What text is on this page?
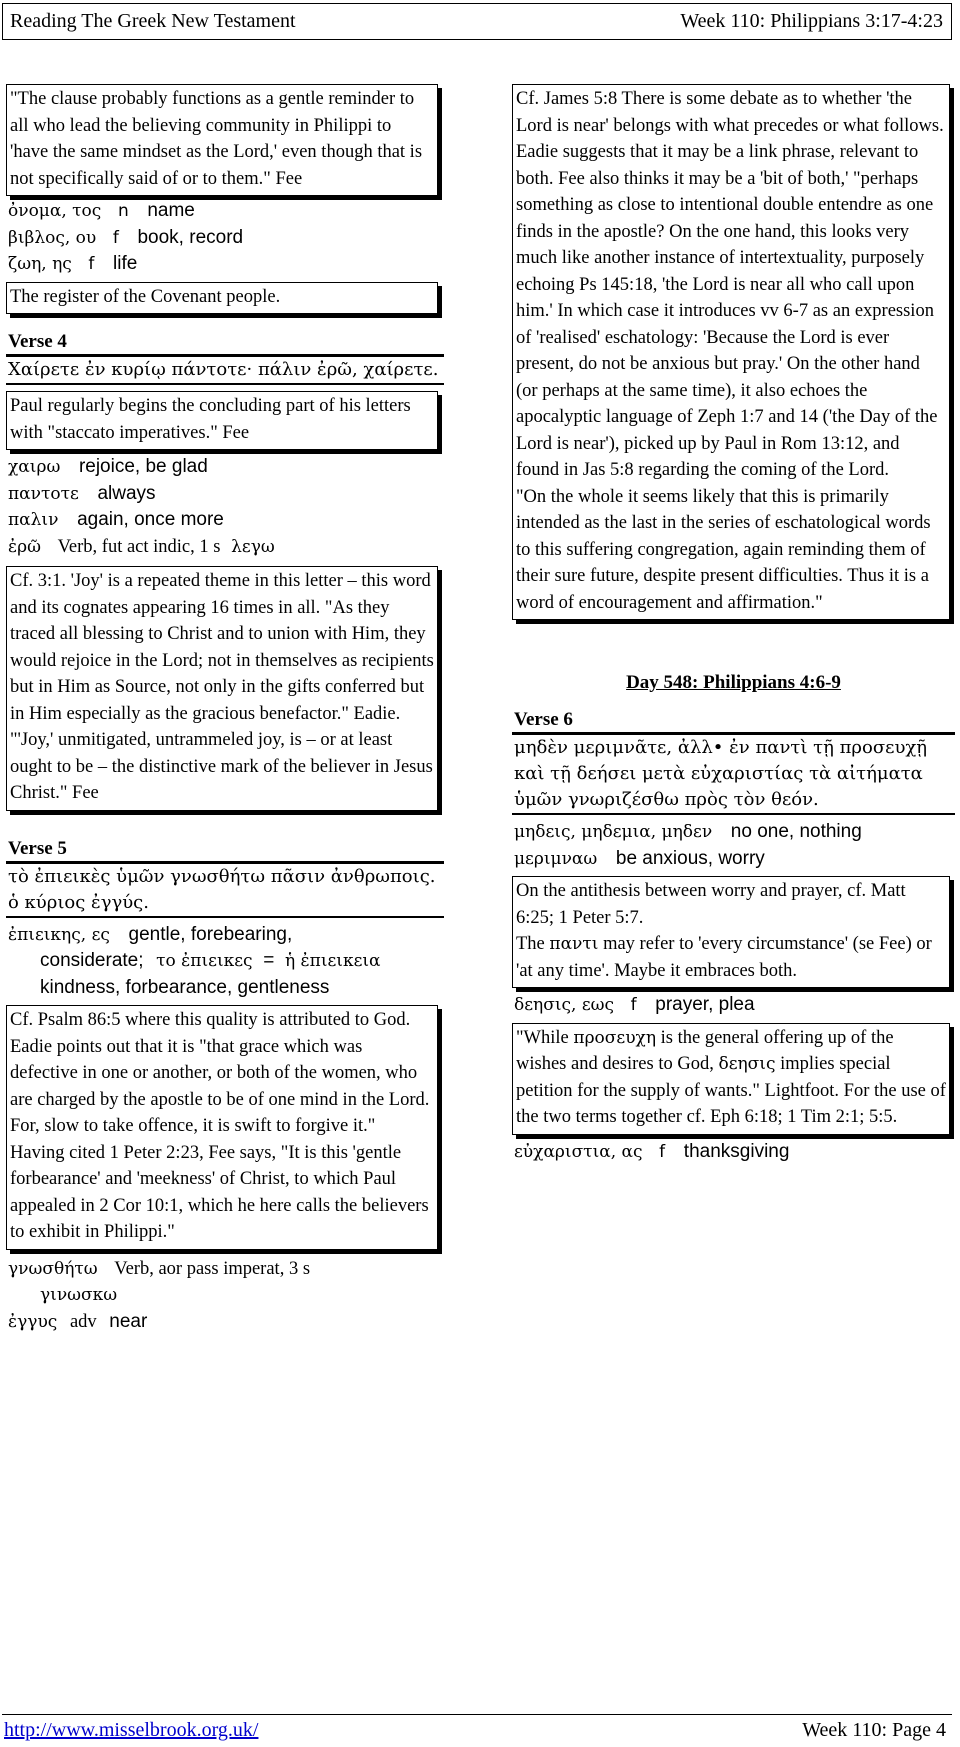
Reading The Greek New Testament	Week 110: Philippians 3:17-4:23

"The clause probably functions as a gentle reminder to all who lead the believing community in Philippi to 'have the same mindset as the Lord,' even though that is not specifically said of or to them." Fee

ὀνομα, τος n name
βιβλος, ου f book, record
ζωη, ης f life

The register of the Covenant people.

Verse 4
Χαίρετε ἐν κυρίῳ πάντοτε· πάλιν ἐρῶ, χαίρετε.

Paul regularly begins the concluding part of his letters with "staccato imperatives." Fee

χαιρω rejoice, be glad
παντοτε always
παλιν again, once more
ἐρῶ Verb, fut act indic, 1 s λεγω

Cf. 3:1. 'Joy' is a repeated theme in this letter – this word and its cognates appearing 16 times in all. "As they traced all blessing to Christ and to union with Him, they would rejoice in the Lord; not in themselves as recipients but in Him as Source, not only in the gifts conferred but in Him especially as the gracious benefactor." Eadie. "'Joy,' unmitigated, untrammeled joy, is – or at least ought to be – the distinctive mark of the believer in Jesus Christ." Fee

Verse 5
τὸ ἐπιεικὲς ὑμῶν γνωσθήτω πᾶσιν ἀνθρωποις. ὁ κύριος ἐγγύς.
ἐπιεικης, ες gentle, forebearing,
considerate; το ἐπιεικες = ἡ ἐπιεικεια
kindness, forbearance, gentleness

Cf. Psalm 86:5 where this quality is attributed to God. Eadie points out that it is "that grace which was defective in one or another, or both of the women, who are charged by the apostle to be of one mind in the Lord. For, slow to take offence, it is swift to forgive it."

Having cited 1 Peter 2:23, Fee says, "It is this 'gentle forbearance' and 'meekness' of Christ, to which Paul appealed in 2 Cor 10:1, which he here calls the believers to exhibit in Philippi."

γνωσθήτω Verb, aor pass imperat, 3 s
γινωσκω
ἐγγυς adv near

Cf. James 5:8 There is some debate as to whether 'the Lord is near' belongs with what precedes or what follows. Eadie suggests that it may be a link phrase, relevant to both. Fee also thinks it may be a 'bit of both,' "perhaps something as close to intentional double entendre as one finds in the apostle? On the one hand, this looks very much like another instance of intertextuality, purposely echoing Ps 145:18, 'the Lord is near all who call upon him.' In which case it introduces vv 6-7 as an expression of 'realised' eschatology: 'Because the Lord is ever present, do not be anxious but pray.' On the other hand (or perhaps at the same time), it also echoes the apocalyptic language of Zeph 1:7 and 14 ('the Day of the Lord is near'), picked up by Paul in Rom 13:12, and found in Jas 5:8 regarding the coming of the Lord.

"On the whole it seems likely that this is primarily intended as the last in the series of eschatological words to this suffering congregation, again reminding them of their sure future, despite present difficulties. Thus it is a word of encouragement and affirmation."

Day 548: Philippians 4:6-9
Verse 6
μηδὲν μεριμνᾶτε, ἀλλ• ἐν παντὶ τῇ προσευχῇ καὶ τῇ δεήσει μετὰ εὐχαριστίας τὰ αἰτήματα ὑμῶν γνωριζέσθω πρὸς τὸν θεόν.
μηδεις, μηδεμια, μηδεν no one, nothing
μεριμναω be anxious, worry

On the antithesis between worry and prayer, cf. Matt 6:25; 1 Peter 5:7.

The παντι may refer to 'every circumstance' (se Fee) or 'at any time'. Maybe it embraces both.

δεησις, εως f prayer, plea

"While προσευχη is the general offering up of the wishes and desires to God, δεησις implies special petition for the supply of wants." Lightfoot. For the use of the two terms together cf. Eph 6:18; 1 Tim 2:1; 5:5.

εὐχαριστια, ας f thanksgiving
http://www.misselbrook.org.uk/	Week 110: Page 4
